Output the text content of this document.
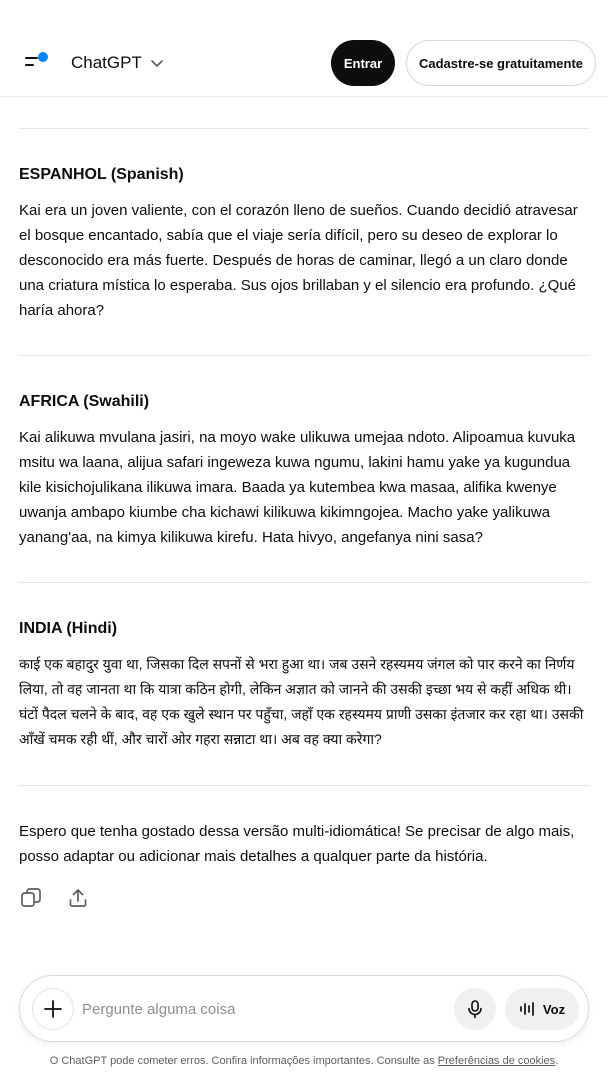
ChatGPT	Entrar	Cadastre-se gratuitamente
ESPANHOL (Spanish)

Kai era un joven valiente, con el corazón lleno de sueños. Cuando decidió atravesar el bosque encantado, sabía que el viaje sería difícil, pero su deseo de explorar lo desconocido era más fuerte. Después de horas de caminar, llegó a un claro donde una criatura mística lo esperaba. Sus ojos brillaban y el silencio era profundo. ¿Qué haría ahora?

AFRICA (Swahili)

Kai alikuwa mvulana jasiri, na moyo wake ulikuwa umejaa ndoto. Alipoamua kuvuka msitu wa laana, alijua safari ingeweza kuwa ngumu, lakini hamu yake ya kugundua kile kisichojulikana ilikuwa imara. Baada ya kutembea kwa masaa, alifika kwenye uwanja ambapo kiumbe cha kichawi kilikuwa kikimngojea. Macho yake yalikuwa yanang'aa, na kimya kilikuwa kirefu. Hata hivyo, angefanya nini sasa?

INDIA (Hindi)

काई एक बहादुर युवा था, जिसका दिल सपनों से भरा हुआ था। जब उसने रहस्यमय जंगल को पार करने का निर्णय लिया, तो वह जानता था कि यात्रा कठिन होगी, लेकिन अज्ञात को जानने की उसकी इच्छा भय से कहीं अधिक थी। घंटों पैदल चलने के बाद, वह एक खुले स्थान पर पहुँचा, जहाँ एक रहस्यमय प्राणी उसका इंतजार कर रहा था। उसकी आँखें चमक रही थीं, और चारों ओर गहरा सन्नाटा था। अब वह क्या करेगा?

Espero que tenha gostado dessa versão multi-idiomática! Se precisar de algo mais, posso adaptar ou adicionar mais detalhes a qualquer parte da história.

Pergunte alguma coisa
Voz
O ChatGPT pode cometer erros. Confira informações importantes. Consulte as Preferências de cookies.
